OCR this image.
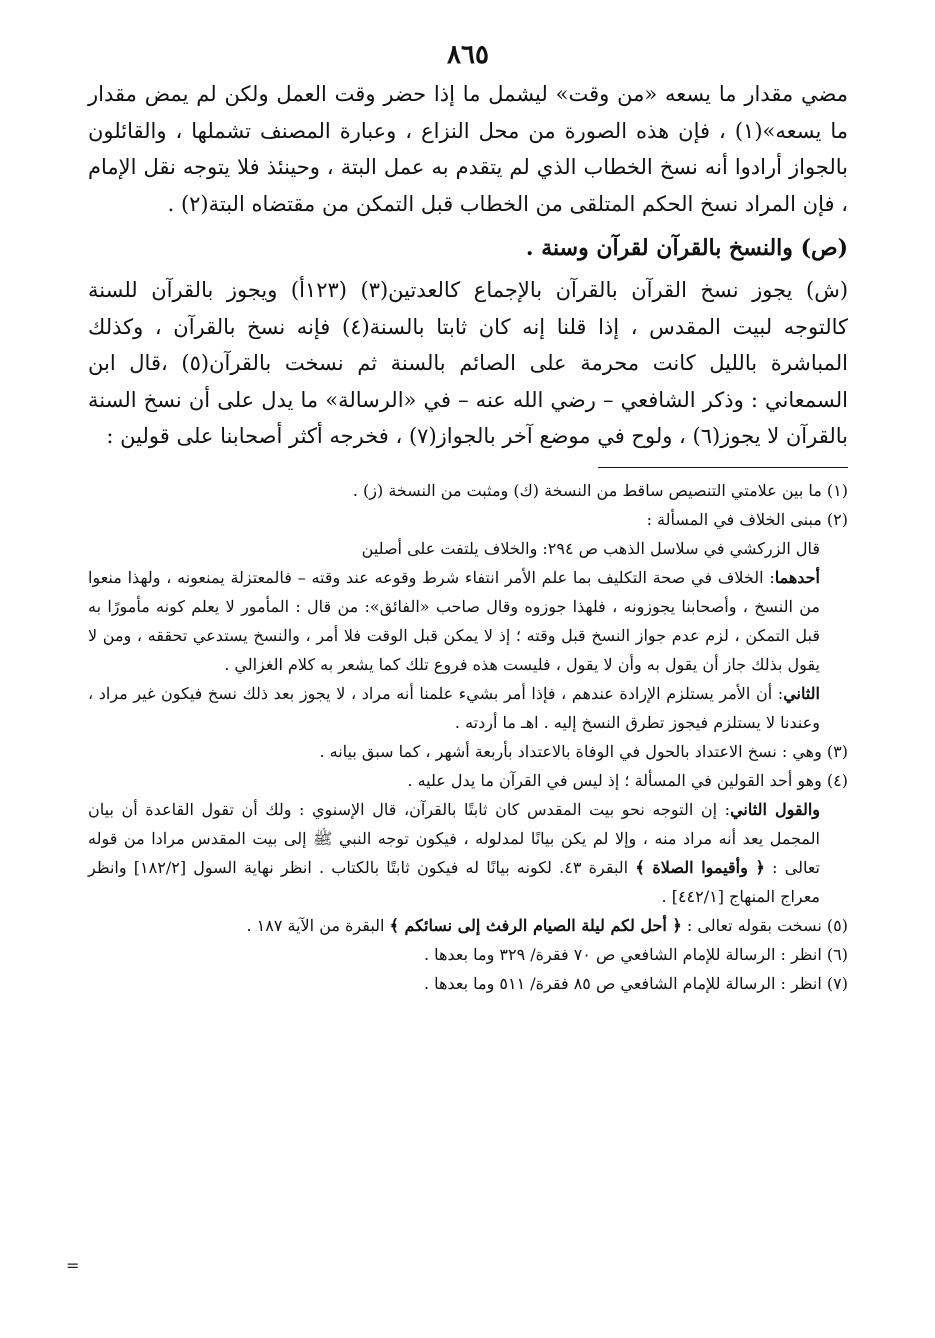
٨٦٥

مضي مقدار ما يسعه «من وقت» ليشمل ما إذا حضر وقت العمل ولكن لم يمض مقدار ما يسعه»(١) ، فإن هذه الصورة من محل النزاع ، وعبارة المصنف تشملها ، والقائلون بالجواز أرادوا أنه نسخ الخطاب الذي لم يتقدم به عمل البتة ، وحينئذ فلا يتوجه نقل الإمام ، فإن المراد نسخ الحكم المتلقى من الخطاب قبل التمكن من مقتضاه البتة(٢) .

(ص) والنسخ بالقرآن لقرآن وسنة .

(ش) يجوز نسخ القرآن بالقرآن بالإجماع كالعدتين(٣) (١٢٣أ) ويجوز بالقرآن للسنة كالتوجه لبيت المقدس ، إذا قلنا إنه كان ثابتا بالسنة(٤) فإنه نسخ بالقرآن ، وكذلك المباشرة بالليل كانت محرمة على الصائم بالسنة ثم نسخت بالقرآن(٥) ،قال ابن السمعاني : وذكر الشافعي – رضي الله عنه – في «الرسالة» ما يدل على أن نسخ السنة بالقرآن لا يجوز(٦) ، ولوح في موضع آخر بالجواز(٧) ، فخرجه أكثر أصحابنا على قولين :

(١) ما بين علامتي التنصيص ساقط من النسخة (ك) ومثبت من النسخة (ز) .

(٢) مبنى الخلاف في المسألة :

قال الزركشي في سلاسل الذهب ص ٢٩٤: والخلاف يلتفت على أصلين

أحدهما: الخلاف في صحة التكليف بما علم الأمر انتفاء شرط وقوعه عند وقته – فالمعتزلة يمنعونه ، ولهذا منعوا من النسخ ، وأصحابنا يجوزونه ، فلهذا جوزوه وقال صاحب «الفائق»: من قال : المأمور لا يعلم كونه مأمورًا به قبل التمكن ، لزم عدم جواز النسخ قبل وقته ؛ إذ لا يمكن قبل الوقت فلا أمر ، والنسخ يستدعي تحققه ، ومن لا يقول بذلك جاز أن يقول به وأن لا يقول ، فليست هذه فروع تلك كما يشعر به كلام الغزالي .

الثاني: أن الأمر يستلزم الإرادة عندهم ، فإذا أمر بشيء علمنا أنه مراد ، لا يجوز بعد ذلك نسخ فيكون غير مراد ، وعندنا لا يستلزم فيجوز تطرق النسخ إليه . اهـ ما أردته .

(٣) وهي : نسخ الاعتداد بالحول في الوفاة بالاعتداد بأربعة أشهر ، كما سبق بيانه .

(٤) وهو أحد القولين في المسألة ؛ إذ ليس في القرآن ما يدل عليه .

والقول الثاني: إن التوجه نحو بيت المقدس كان ثابتًا بالقرآن، قال الإسنوي : ولك أن تقول القاعدة أن بيان المجمل يعد أنه مراد منه ، وإلا لم يكن بيانًا لمدلوله ، فيكون توجه النبي ﷺ إلى بيت المقدس مرادا من قوله تعالى : ﴿ وأقيموا الصلاة ﴾ البقرة ٤٣. لكونه بيانًا له فيكون ثابتًا بالكتاب . انظر نهاية السول [١٨٢/٢] وانظر معراج المنهاج [٤٤٢/١] .

(٥) نسخت بقوله تعالى : ﴿ أحل لكم ليلة الصيام الرفث إلى نسائكم ﴾ البقرة من الآية ١٨٧ .

(٦) انظر : الرسالة للإمام الشافعي ص ٧٠ فقرة/ ٣٢٩ وما بعدها .

(٧) انظر : الرسالة للإمام الشافعي ص ٨٥ فقرة/ ٥١١ وما بعدها .

=
